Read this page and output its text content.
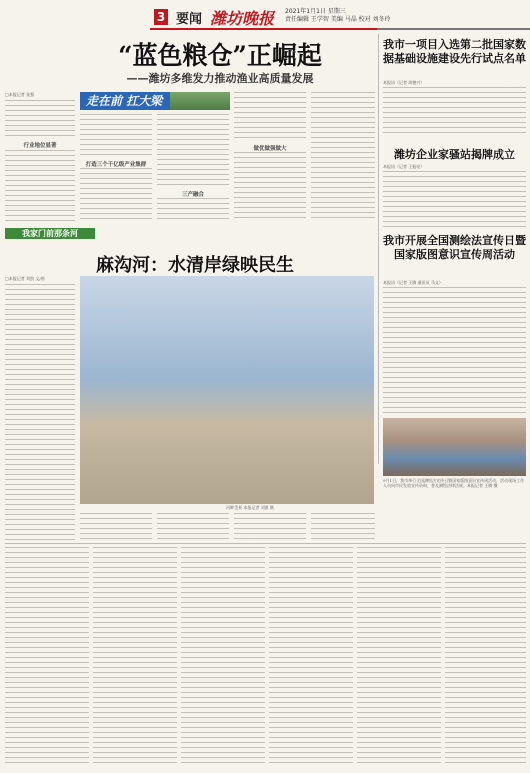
3 要闻 潍坊晚报 2021年1月1日 星期三
责任编辑 王学智 美编 马晶 校对 刘冬玲
“蓝色粮仓”正崛起
——潍坊多维发力推动渔业高质量发展
□本报记者 张强
行业地位显著
走在前 扛大梁
打造三个千亿级产业集群
三产融合
做优做强做大
我市一项目入选第二批国家数据基础设施建设先行试点名单
本报讯（记者 周德兴）
潍坊企业家骚站揭牌成立
本报讯（记者 王振亮）
我家门前那条河
麻沟河：水清岸绿映民生
□本报记者 刘凯 文/图
河畔美景 本报记者 刘凯 摄
我市开展全国测绘法宣传日暨国家版图意识宣传周活动
本报讯（记者 王腾 通讯员 马文）
9月1日，我市举行全国测绘法宣传日暨国家版图意识宣传周活动，活动现场工作人员向市民发放宣传资料，普及测绘法律法规。本报记者 王腾 摄
